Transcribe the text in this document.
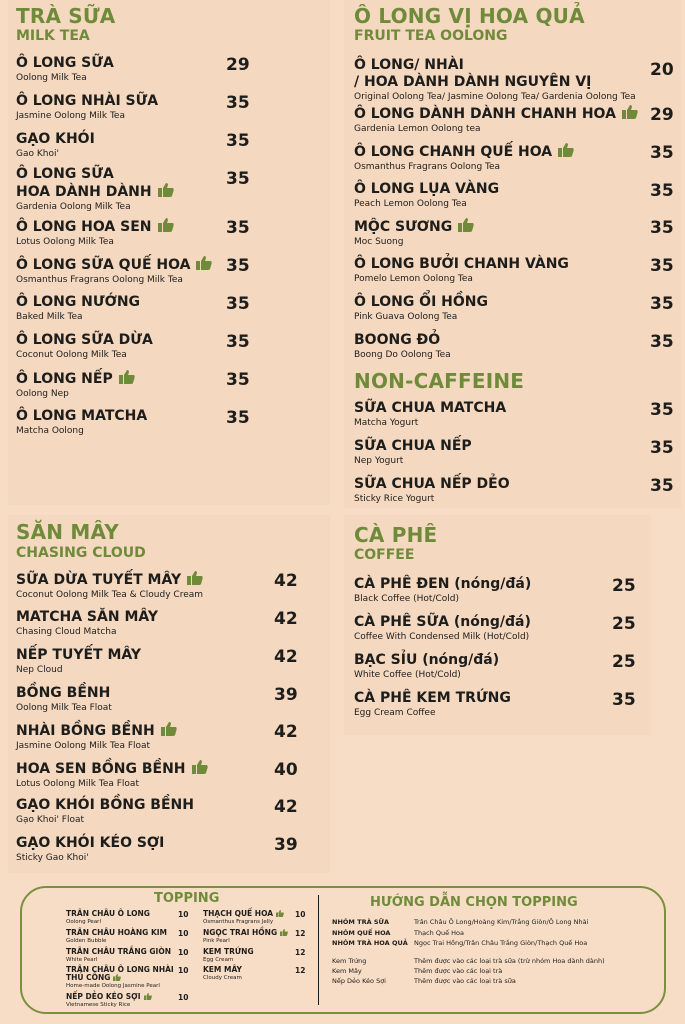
TRÀ SỮA
MILK TEA
Ô LONG VỊ HOA QUẢ
FRUIT TEA OOLONG
NON-CAFFEINE
SĂN MÂY
CHASING CLOUD
CÀ PHÊ
COFFEE
Ô LONG SỮA
Oolong Milk Tea
29
Ô LONG NHÀI SỮA
Jasmine Oolong Milk Tea
35
GẠO KHÓI
Gao Khoi'
35
Ô LONG SỮA
HOA DÀNH DÀNH
Gardenia Oolong Milk Tea
35
Ô LONG HOA SEN
Lotus Oolong Milk Tea
35
Ô LONG SỮA QUẾ HOA
Osmanthus Fragrans Oolong Milk Tea
35
Ô LONG NƯỚNG
Baked Milk Tea
35
Ô LONG SỮA DỪA
Coconut Oolong Milk Tea
35
Ô LONG NẾP
Oolong Nep
35
Ô LONG MATCHA
Matcha Oolong
35
Ô LONG/ NHÀI
/ HOA DÀNH DÀNH NGUYÊN VỊ
Original Oolong Tea/ Jasmine Oolong Tea/ Gardenia Oolong Tea
20
Ô LONG DÀNH DÀNH CHANH HOA
Gardenia Lemon Oolong tea
29
Ô LONG CHANH QUẾ HOA
Osmanthus Fragrans Oolong Tea
35
Ô LONG LỤA VÀNG
Peach Lemon Oolong Tea
35
MỘC SƯƠNG
Moc Suong
35
Ô LONG BƯỞI CHANH VÀNG
Pomelo Lemon Oolong Tea
35
Ô LONG ỔI HỒNG
Pink Guava Oolong Tea
35
BOONG ĐỎ
Boong Do Oolong Tea
35
SỮA CHUA MATCHA
Matcha Yogurt
35
SỮA CHUA NẾP
Nep Yogurt
35
SỮA CHUA NẾP DẺO
Sticky Rice Yogurt
35
SỮA DỪA TUYẾT MÂY
Coconut Oolong Milk Tea & Cloudy Cream
42
MATCHA SĂN MÂY
Chasing Cloud Matcha
42
NẾP TUYẾT MÂY
Nep Cloud
42
BỒNG BỀNH
Oolong Milk Tea Float
39
NHÀI BỒNG BỀNH
Jasmine Oolong Milk Tea Float
42
HOA SEN BỒNG BỀNH
Lotus Oolong Milk Tea Float
40
GẠO KHÓI BỒNG BỀNH
Gạo Khoi' Float
42
GẠO KHÓI KÉO SỢI
Sticky Gao Khoi'
39
CÀ PHÊ ĐEN (nóng/đá)
Black Coffee (Hot/Cold)
25
CÀ PHÊ SỮA (nóng/đá)
Coffee With Condensed Milk (Hot/Cold)
25
BẠC SỈU (nóng/đá)
White Coffee (Hot/Cold)
25
CÀ PHÊ KEM TRỨNG
Egg Cream Coffee
35
TOPPING	HƯỚNG DẪN CHỌN TOPPING
TRÂN CHÂU Ô LONG
Oolong Pearl
10
TRÂN CHÂU HOÀNG KIM
Golden Bubble
10
TRÂN CHÂU TRẮNG GIÒN
White Pearl
10
TRÂN CHÂU Ô LONG NHÀI THỦ CÔNG
Home-made Oolong Jasmine Pearl
10
NẾP DẺO KÉO SỢI
Vietnamese Sticky Rice
10
THẠCH QUẾ HOA
Osmanthus Fragrans Jelly
10
NGỌC TRAI HỒNG
Pink Pearl
12
KEM TRỨNG
Egg Cream
12
KEM MÂY
Cloudy Cream
12
NHÓM TRÀ SỮA	Trân Châu Ô Long/Hoàng Kim/Trắng Giòn/Ô Long Nhài
NHÓM QUẾ HOA	Thạch Quế Hoa
NHÓM TRÀ HOA QUẢ Ngọc Trai Hồng/Trân Châu Trắng Giòn/Thạch Quế Hoa
Kem Trứng	Thêm được vào các loại trà sữa (trừ nhóm Hoa dành dành)
Kem Mây	Thêm được vào các loại trà
Nếp Dẻo Kéo Sợi	Thêm được vào các loại trà sữa
